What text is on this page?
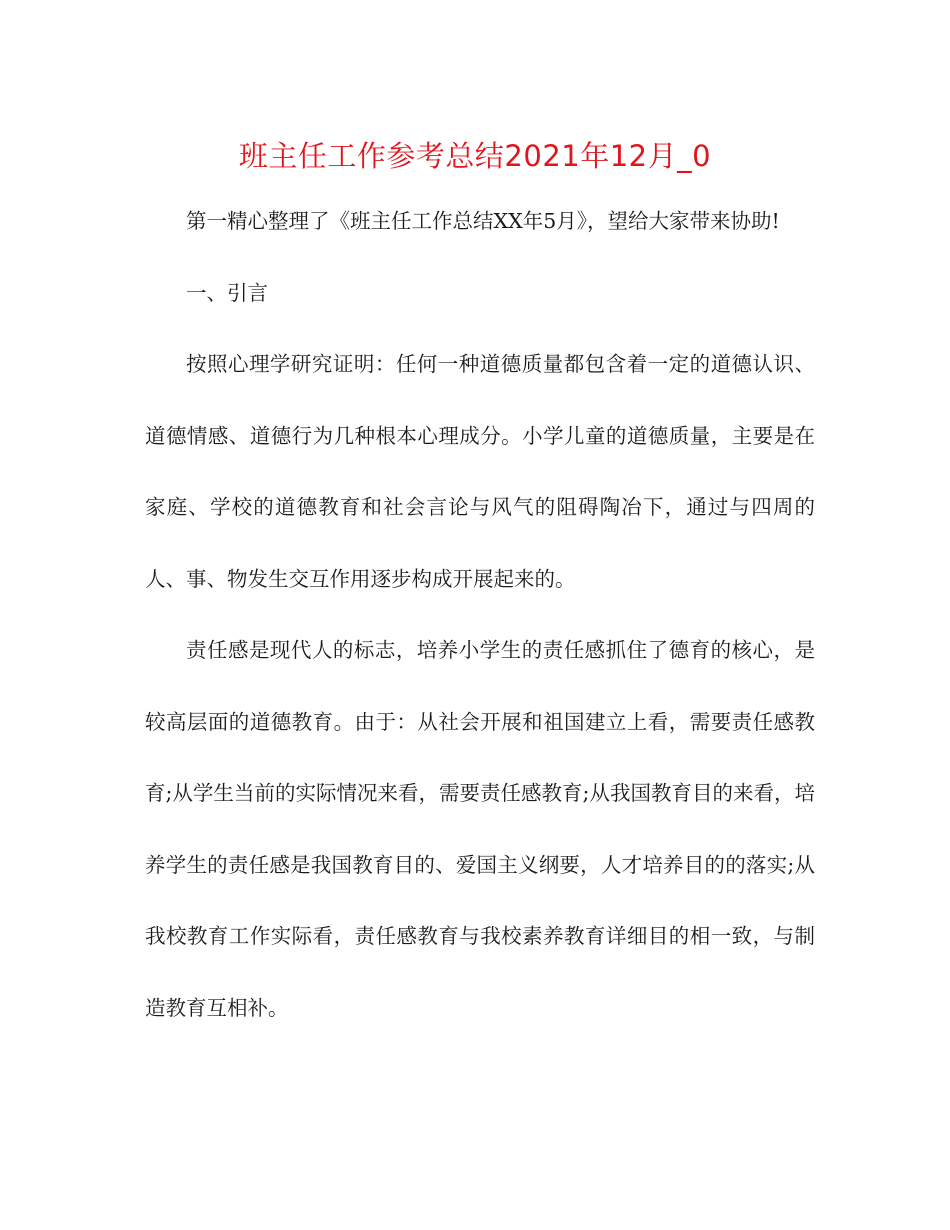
班主任工作参考总结2021年12月_0

第一精心整理了《班主任工作总结XX年5月》，望给大家带来协助!

一、引言

按照心理学研究证明：任何一种道德质量都包含着一定的道德认识、道德情感、道德行为几种根本心理成分。小学儿童的道德质量，主要是在家庭、学校的道德教育和社会言论与风气的阻碍陶冶下，通过与四周的人、事、物发生交互作用逐步构成开展起来的。

责任感是现代人的标志，培养小学生的责任感抓住了德育的核心，是较高层面的道德教育。由于：从社会开展和祖国建立上看，需要责任感教育;从学生当前的实际情况来看，需要责任感教育;从我国教育目的来看，培养学生的责任感是我国教育目的、爱国主义纲要，人才培养目的的落实;从我校教育工作实际看，责任感教育与我校素养教育详细目的相一致，与制造教育互相补。
